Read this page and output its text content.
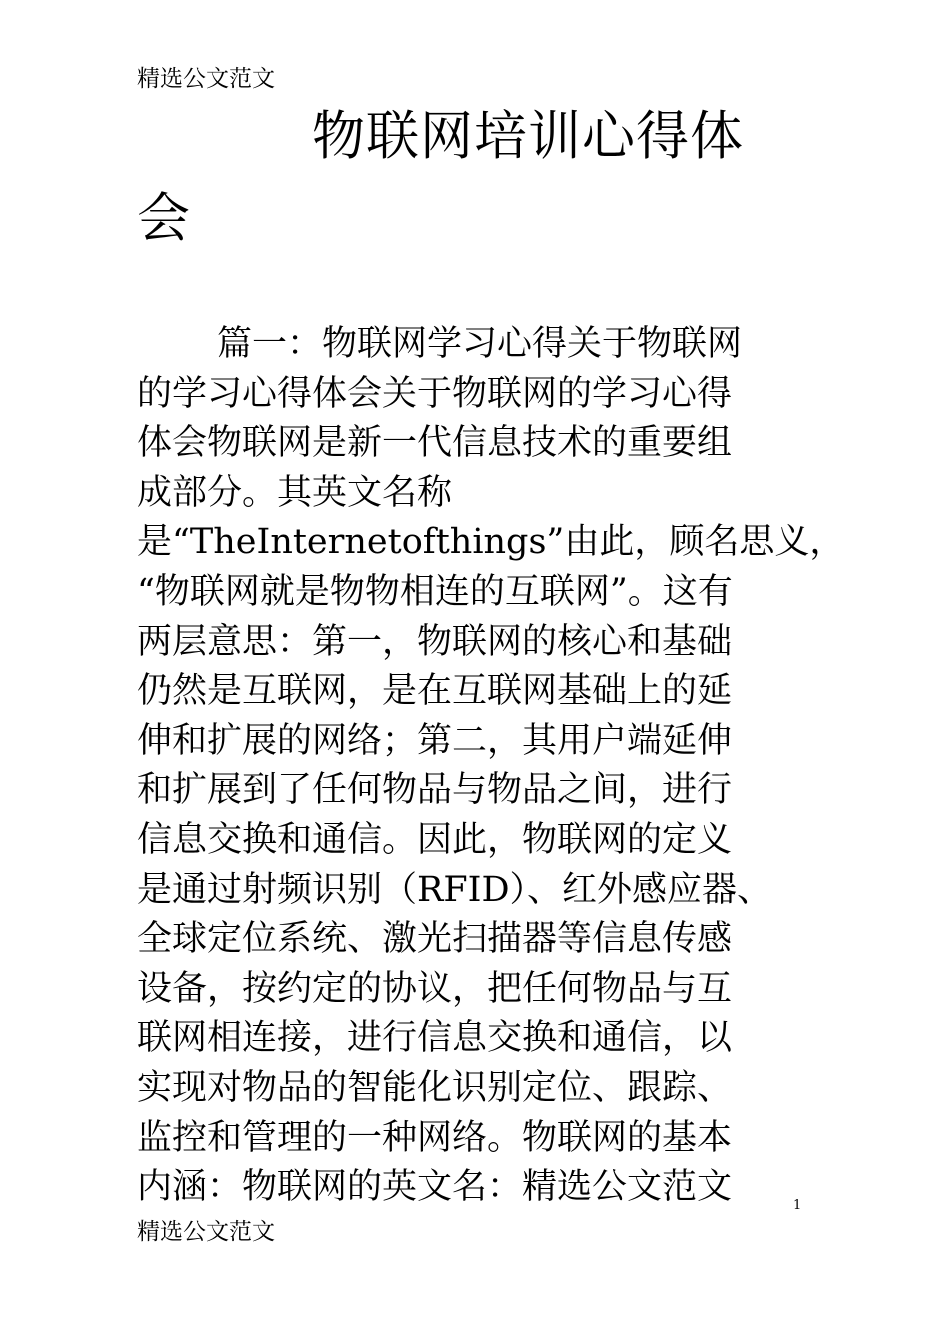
精选公文范文
物联网培训心得体
会
篇一：物联网学习心得关于物联网
的学习心得体会关于物联网的学习心得
体会物联网是新一代信息技术的重要组
成部分。其英文名称
是“TheInternetofthings”由此，顾名思义，
“物联网就是物物相连的互联网”。这有
两层意思：第一，物联网的核心和基础
仍然是互联网，是在互联网基础上的延
伸和扩展的网络；第二，其用户端延伸
和扩展到了任何物品与物品之间，进行
信息交换和通信。因此，物联网的定义
是通过射频识别（RFID）、红外感应器、
全球定位系统、激光扫描器等信息传感
设备，按约定的协议，把任何物品与互
联网相连接，进行信息交换和通信，以
实现对物品的智能化识别定位、跟踪、
监控和管理的一种网络。物联网的基本
内涵：物联网的英文名：精选公文范文	1
精选公文范文
